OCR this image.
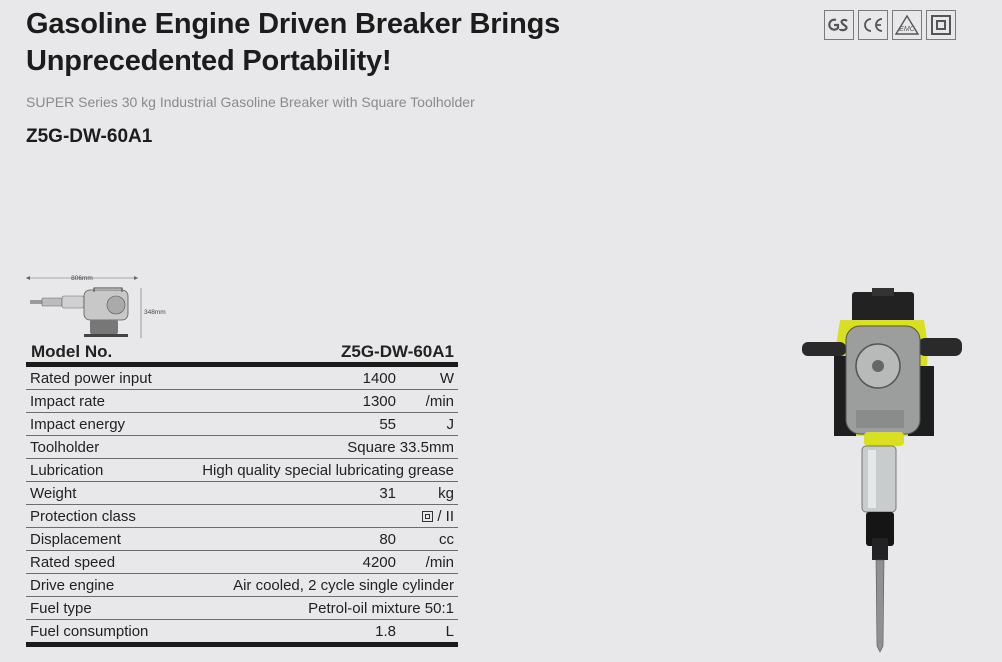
Gasoline Engine Driven Breaker Brings
Unprecedented Portability!
SUPER Series 30 kg Industrial Gasoline Breaker with Square Toolholder
Z5G-DW-60A1
EMC
806mm
348mm
Model No.	Z5G-DW-60A1
Rated power input	1400	W
Impact rate	1300	/min
Impact energy	55	J
Toolholder	Square 33.5mm
Lubrication	High quality special lubricating grease
Weight	31	kg
Protection class	/ II
Displacement	80	cc
Rated speed	4200	/min
Drive engine	Air cooled, 2 cycle single cylinder
Fuel type	Petrol-oil mixture 50:1
Fuel consumption	1.8	L
